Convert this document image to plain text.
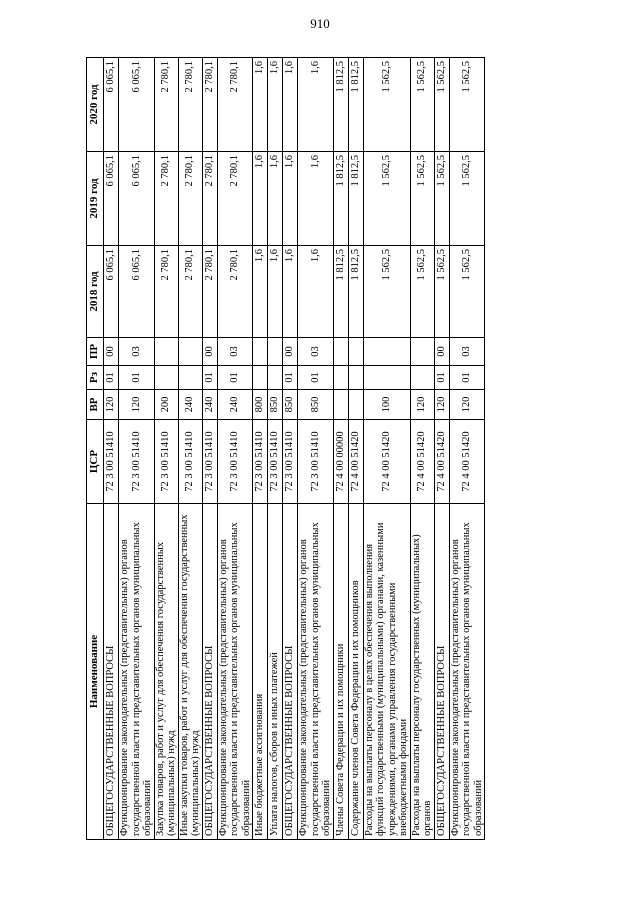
910
Наименование	ЦСР	ВР	Рз	ПР	2018 год	2019 год	2020 год
ОБЩЕГОСУДАРСТВЕННЫЕ ВОПРОСЫ	72 3 00 51410	120	01	00	6 065,1	6 065,1	6 065,1
Функционирование законодательных (представительных) органов государственной власти и представительных органов муниципальных образований	72 3 00 51410	120	01	03	6 065,1	6 065,1	6 065,1
Закупка товаров, работ и услуг для обеспечения государственных (муниципальных) нужд	72 3 00 51410	200			2 780,1	2 780,1	2 780,1
Иные закупки товаров, работ и услуг для обеспечения государственных (муниципальных) нужд	72 3 00 51410	240			2 780,1	2 780,1	2 780,1
ОБЩЕГОСУДАРСТВЕННЫЕ ВОПРОСЫ	72 3 00 51410	240	01	00	2 780,1	2 780,1	2 780,1
Функционирование законодательных (представительных) органов государственной власти и представительных органов муниципальных образований	72 3 00 51410	240	01	03	2 780,1	2 780,1	2 780,1
Иные бюджетные ассигнования	72 3 00 51410	800			1,6	1,6	1,6
Уплата налогов, сборов и иных платежей	72 3 00 51410	850			1,6	1,6	1,6
ОБЩЕГОСУДАРСТВЕННЫЕ ВОПРОСЫ	72 3 00 51410	850	01	00	1,6	1,6	1,6
Функционирование законодательных (представительных) органов государственной власти и представительных органов муниципальных образований	72 3 00 51410	850	01	03	1,6	1,6	1,6
Члены Совета Федерации и их помощники	72 4 00 00000				1 812,5	1 812,5	1 812,5
Содержание членов Совета Федерации и их помощников	72 4 00 51420				1 812,5	1 812,5	1 812,5
Расходы на выплаты персоналу в целях обеспечения выполнения функций государственными (муниципальными) органами, казенными учреждениями, органами управления государственными внебюджетными фондами	72 4 00 51420	100			1 562,5	1 562,5	1 562,5
Расходы на выплаты персоналу государственных (муниципальных) органов	72 4 00 51420	120			1 562,5	1 562,5	1 562,5
ОБЩЕГОСУДАРСТВЕННЫЕ ВОПРОСЫ	72 4 00 51420	120	01	00	1 562,5	1 562,5	1 562,5
Функционирование законодательных (представительных) органов государственной власти и представительных органов муниципальных образований	72 4 00 51420	120	01	03	1 562,5	1 562,5	1 562,5
